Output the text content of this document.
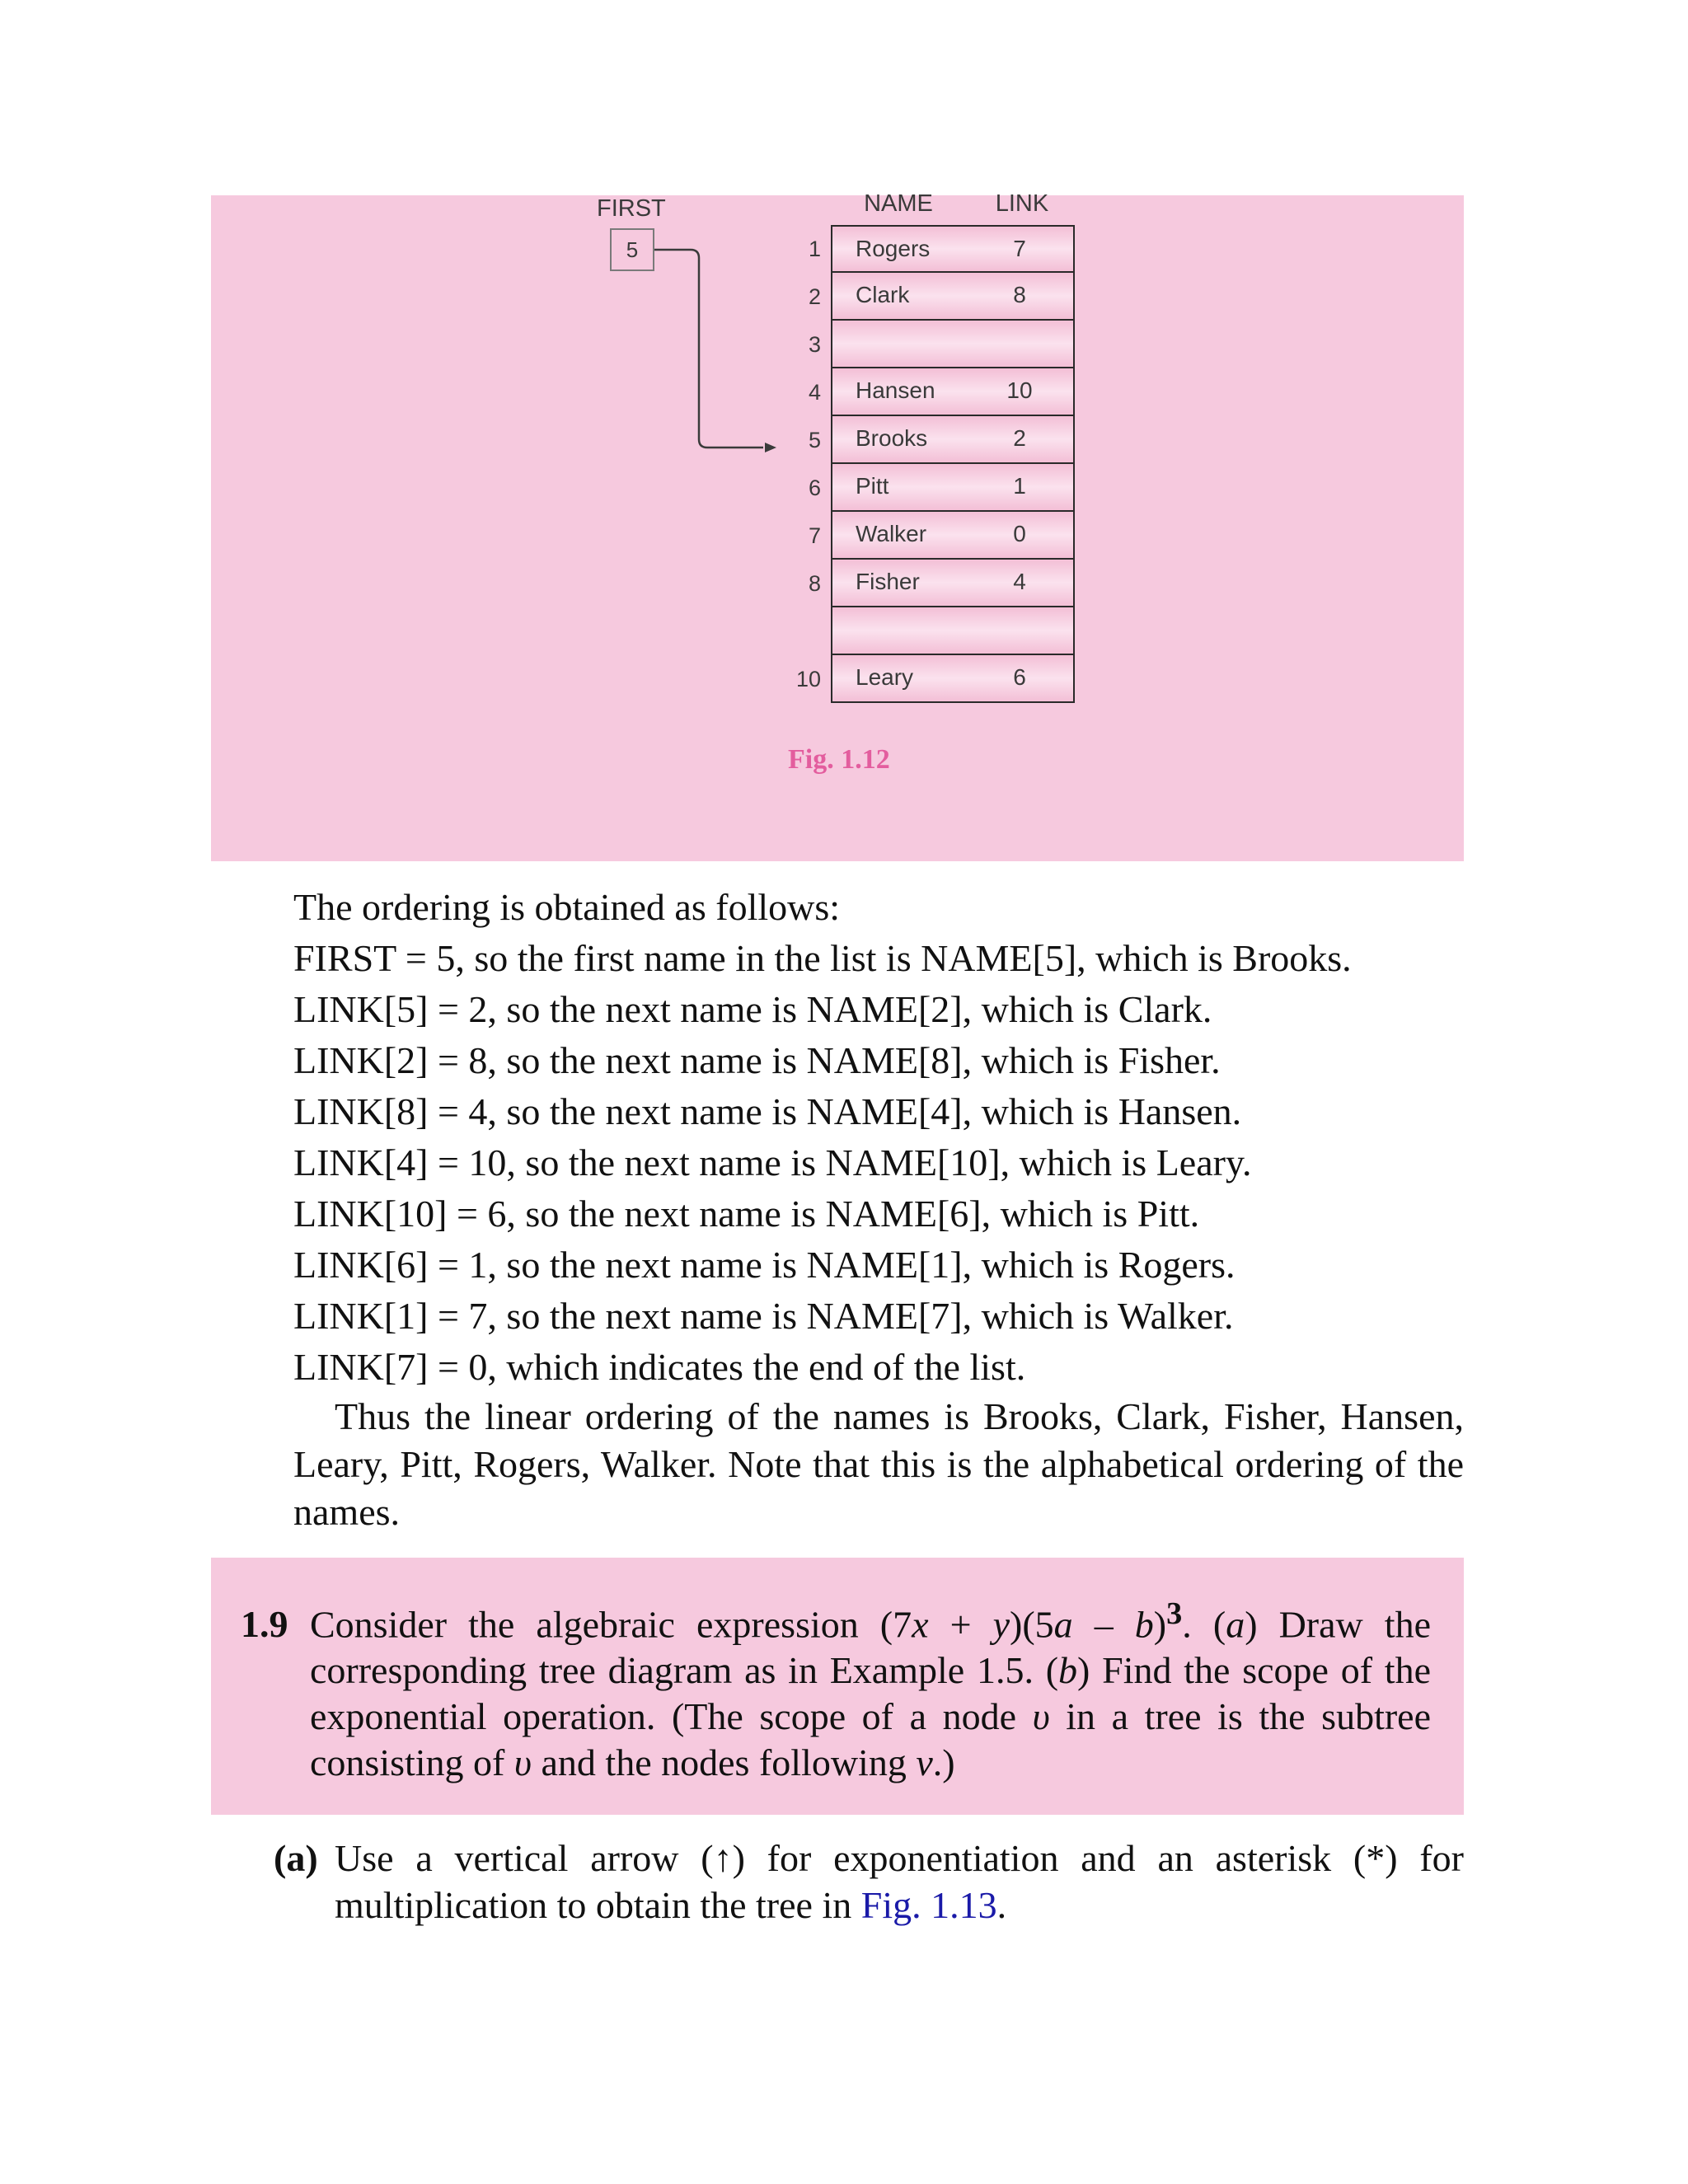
FIRST
5
NAME	LINK
1	Rogers	7
2	Clark	8
3
4	Hansen	10
5	Brooks	2
6	Pitt	1
7	Walker	0
8	Fisher	4
10	Leary	6
Fig. 1.12
The ordering is obtained as follows:
FIRST = 5, so the first name in the list is NAME[5], which is Brooks.
LINK[5] = 2, so the next name is NAME[2], which is Clark.
LINK[2] = 8, so the next name is NAME[8], which is Fisher.
LINK[8] = 4, so the next name is NAME[4], which is Hansen.
LINK[4] = 10, so the next name is NAME[10], which is Leary.
LINK[10] = 6, so the next name is NAME[6], which is Pitt.
LINK[6] = 1, so the next name is NAME[1], which is Rogers.
LINK[1] = 7, so the next name is NAME[7], which is Walker.
LINK[7] = 0, which indicates the end of the list.
Thus the linear ordering of the names is Brooks, Clark, Fisher, Hansen, Leary, Pitt, Rogers, Walker. Note that this is the alphabetical ordering of the names.
1.9 Consider the algebraic expression (7x + y)(5a – b)$^3$. (a) Draw the corresponding tree diagram as in Example 1.5. (b) Find the scope of the exponential operation. (The scope of a node υ in a tree is the subtree consisting of υ and the nodes following v.)
(a) Use a vertical arrow (↑) for exponentiation and an asterisk (*) for multiplication to obtain the tree in Fig. 1.13.
